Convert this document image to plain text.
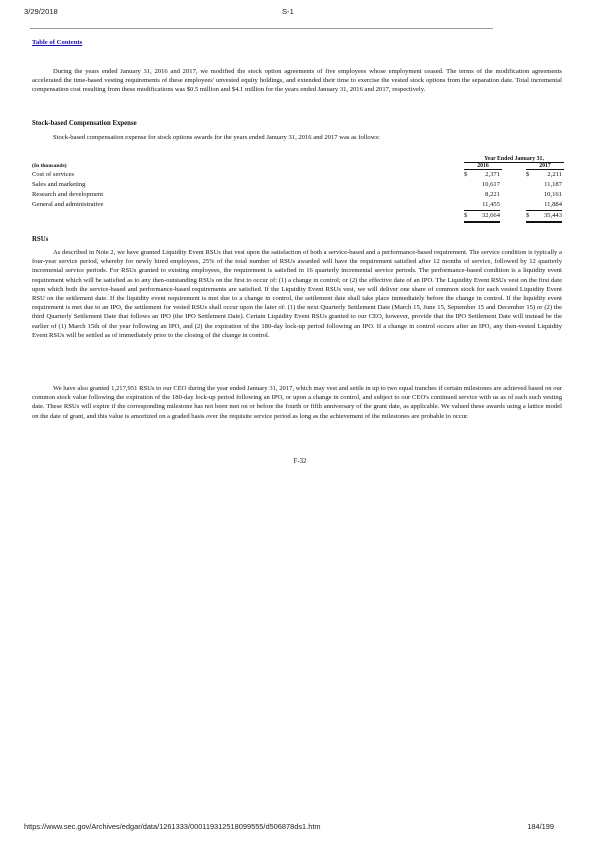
3/29/2018	S-1
Table of Contents
During the years ended January 31, 2016 and 2017, we modified the stock option agreements of five employees whose employment ceased. The terms of the modification agreements accelerated the time-based vesting requirements of these employees' unvested equity holdings, and extended their time to exercise the vested stock options from the separation date. Total incremental compensation cost resulting from these modifications was $0.5 million and $4.1 million for the years ended January 31, 2016 and 2017, respectively.
Stock-based Compensation Expense
Stock-based compensation expense for stock options awards for the years ended January 31, 2016 and 2017 was as follows:
Year Ended January 31,
(In thousands)	2016	2017
Cost of services	$	2,371	$	2,211
Sales and marketing	10,617	11,187
Research and development	8,221	10,161
General and administrative	11,455	11,884
$ 32,664	$ 35,443
RSUs
As described in Note 2, we have granted Liquidity Event RSUs that vest upon the satisfaction of both a service-based and a performance-based requirement. The service condition is typically a four-year service period, whereby for newly hired employees, 25% of the total number of RSUs awarded will have the requirement satisfied after 12 months of service, followed by 12 quarterly incremental service periods. For RSUs granted to existing employees, the requirement is satisfied in 16 quarterly incremental service periods. The performance-based condition is a liquidity event requirement which will be satisfied as to any then-outstanding RSUs on the first to occur of: (1) a change in control; or (2) the effective date of an IPO. The Liquidity Event RSUs vest on the first date upon which both the service-based and performance-based requirements are satisfied. If the Liquidity Event RSUs vest, we will deliver one share of common stock for each vested Liquidity Event RSU on the settlement date. If the liquidity event requirement is met due to a change in control, the settlement date shall take place immediately before the change in control. If the liquidity event requirement is met due to an IPO, the settlement for vested RSUs shall occur upon the later of: (1) the next Quarterly Settlement Date (March 15, June 15, September 15 and December 15) or (2) the third Quarterly Settlement Date that follows an IPO (the IPO Settlement Date). Certain Liquidity Event RSUs granted to our CEO, however, provide that the IPO Settlement Date will instead be the earlier of (1) March 15th of the year following an IPO, and (2) the expiration of the 180-day lock-up period following an IPO. If a change in control occurs after an IPO, any then-vested Liquidity Event RSUs will be settled as of immediately prior to the closing of the change in control.
We have also granted 1,217,951 RSUs to our CEO during the year ended January 31, 2017, which may vest and settle in up to two equal tranches if certain milestones are achieved based on our common stock value following the expiration of the 180-day lock-up period following an IPO, or upon a change in control, and subject to our CEO's continued service with us as of each such vesting date. These RSUs will expire if the corresponding milestone has not been met on or before the fourth or fifth anniversary of the grant date, as applicable. We valued these awards using a lattice model on the date of grant, and this value is amortized on a graded basis over the requisite service period as long as the achievement of the milestones are probable to occur.
F-32
https://www.sec.gov/Archives/edgar/data/1261333/000119312518099555/d506878ds1.htm	184/199
